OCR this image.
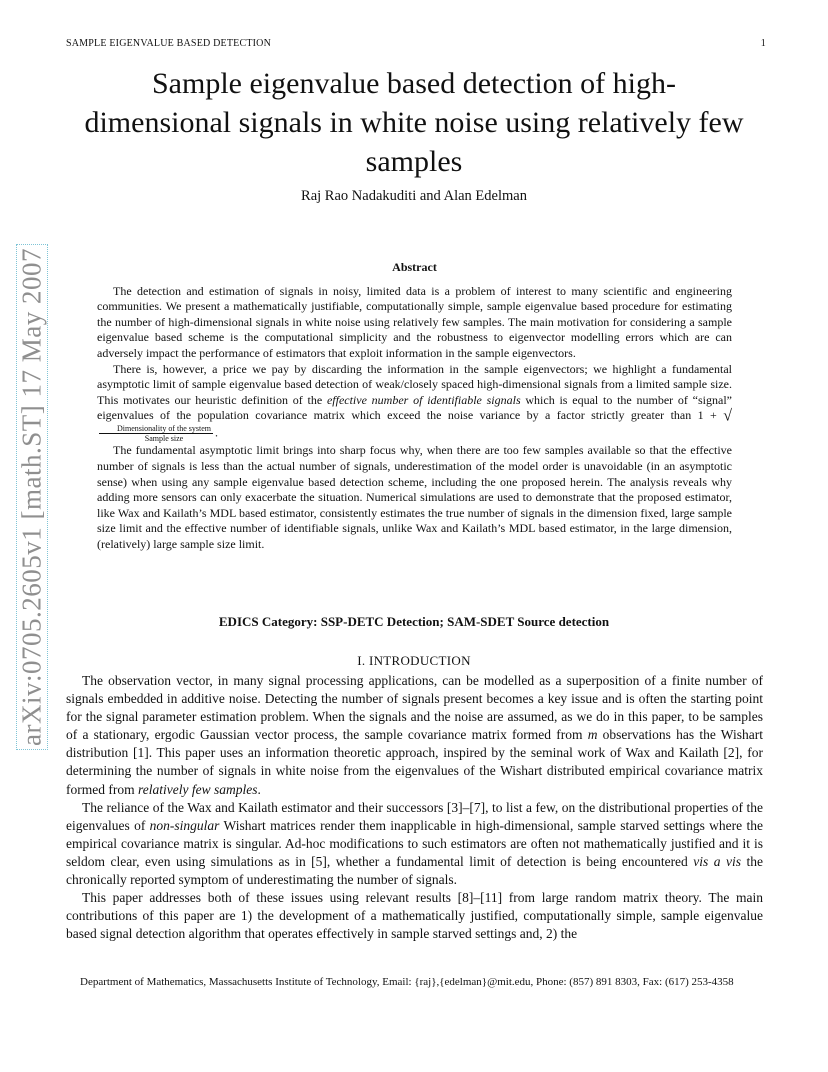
SAMPLE EIGENVALUE BASED DETECTION	1
arXiv:0705.2605v1 [math.ST] 17 May 2007
Sample eigenvalue based detection of high-dimensional signals in white noise using relatively few samples
Raj Rao Nadakuditi and Alan Edelman
Abstract

The detection and estimation of signals in noisy, limited data is a problem of interest to many scientific and engineering communities. We present a mathematically justifiable, computationally simple, sample eigenvalue based procedure for estimating the number of high-dimensional signals in white noise using relatively few samples. The main motivation for considering a sample eigenvalue based scheme is the computational simplicity and the robustness to eigenvector modelling errors which are can adversely impact the performance of estimators that exploit information in the sample eigenvectors.

There is, however, a price we pay by discarding the information in the sample eigenvectors; we highlight a fundamental asymptotic limit of sample eigenvalue based detection of weak/closely spaced high-dimensional signals from a limited sample size. This motivates our heuristic definition of the effective number of identifiable signals which is equal to the number of “signal” eigenvalues of the population covariance matrix which exceed the noise variance by a factor strictly greater than 1 + √
$\frac{\text{Dimensionality of the system}}{\text{Sample size}}$ .

The fundamental asymptotic limit brings into sharp focus why, when there are too few samples available so that the effective number of signals is less than the actual number of signals, underestimation of the model order is unavoidable (in an asymptotic sense) when using any sample eigenvalue based detection scheme, including the one proposed herein. The analysis reveals why adding more sensors can only exacerbate the situation. Numerical simulations are used to demonstrate that the proposed estimator, like Wax and Kailath’s MDL based estimator, consistently estimates the true number of signals in the dimension fixed, large sample size limit and the effective number of identifiable signals, unlike Wax and Kailath’s MDL based estimator, in the large dimension, (relatively) large sample size limit.

EDICS Category: SSP-DETC Detection; SAM-SDET Source detection
I. INTRODUCTION

The observation vector, in many signal processing applications, can be modelled as a superposition of a finite number of signals embedded in additive noise. Detecting the number of signals present becomes a key issue and is often the starting point for the signal parameter estimation problem. When the signals and the noise are assumed, as we do in this paper, to be samples of a stationary, ergodic Gaussian vector process, the sample covariance matrix formed from m observations has the Wishart distribution [1]. This paper uses an information theoretic approach, inspired by the seminal work of Wax and Kailath [2], for determining the number of signals in white noise from the eigenvalues of the Wishart distributed empirical covariance matrix formed from relatively few samples.

The reliance of the Wax and Kailath estimator and their successors [3]–[7], to list a few, on the distributional properties of the eigenvalues of non-singular Wishart matrices render them inapplicable in high-dimensional, sample starved settings where the empirical covariance matrix is singular. Ad-hoc modifications to such estimators are often not mathematically justified and it is seldom clear, even using simulations as in [5], whether a fundamental limit of detection is being encountered vis a vis the chronically reported symptom of underestimating the number of signals.

This paper addresses both of these issues using relevant results [8]–[11] from large random matrix theory. The main contributions of this paper are 1) the development of a mathematically justified, computationally simple, sample eigenvalue based signal detection algorithm that operates effectively in sample starved settings and, 2) the

Department of Mathematics, Massachusetts Institute of Technology, Email: {raj},{edelman}@mit.edu, Phone: (857) 891 8303, Fax: (617) 253-4358
